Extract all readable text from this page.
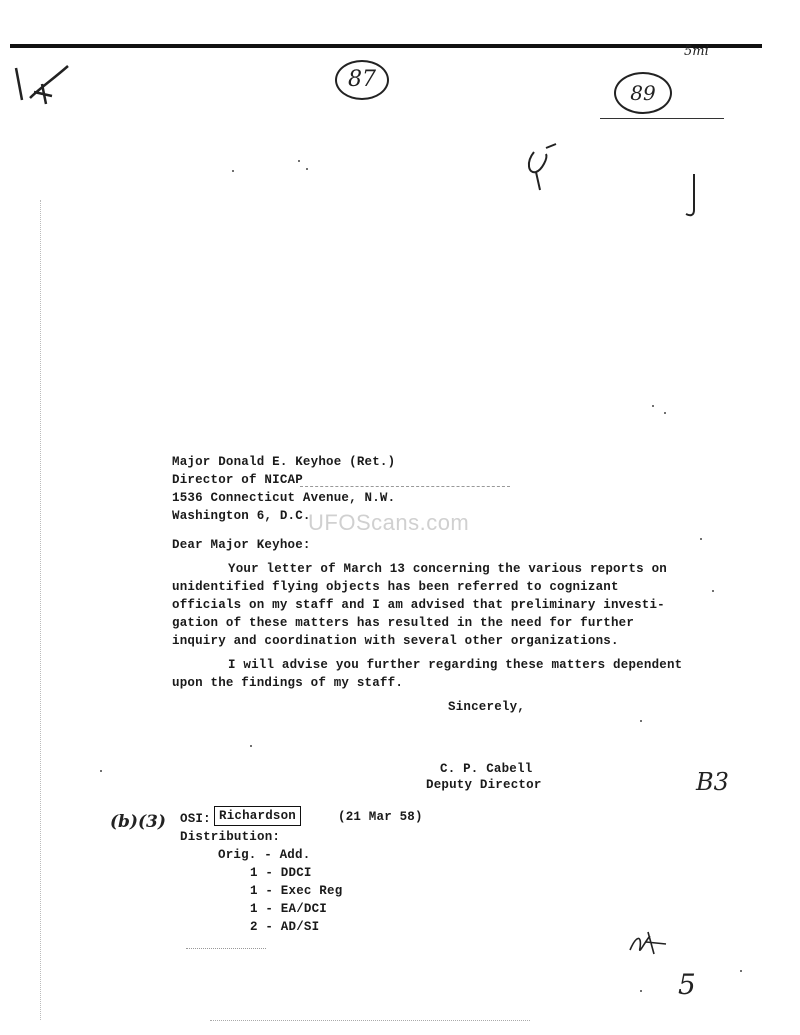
87
89
5mi
Major Donald E. Keyhoe (Ret.)
Director of NICAP
1536 Connecticut Avenue, N.W.
Washington 6, D.C.
UFOScans.com
Dear Major Keyhoe:
Your letter of March 13 concerning the various reports on
unidentified flying objects has been referred to cognizant
officials on my staff and I am advised that preliminary investi-
gation of these matters has resulted in the need for further
inquiry and coordination with several other organizations.
I will advise you further regarding these matters dependent
upon the findings of my staff.
Sincerely,
C. P. Cabell
Deputy Director	B3
(b)(3) OSI: Richardson	(21 Mar 58)
Distribution:
Orig. - Add.
1 - DDCI
1 - Exec Reg
1 - EA/DCI
2 - AD/SI
5
